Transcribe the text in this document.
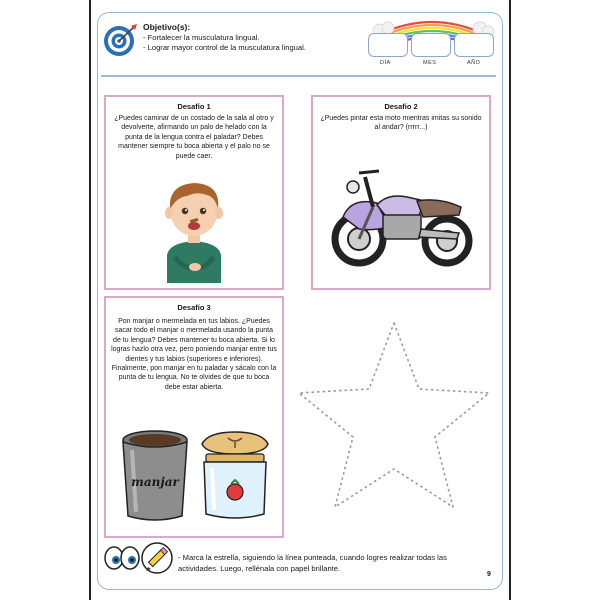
Objetivo(s):
- Fortalecer la musculatura lingual.
- Lograr mayor control de la musculatura lingual.
DÍA	MES	AÑO
Desafío 1
¿Puedes caminar de un costado de la sala al otro y devolverte, afirmando un palo de helado con la punta de la lengua contra el paladar? Debes mantener siempre tu boca abierta y el palo no se puede caer.
Desafío 2
¿Puedes pintar esta moto mientras imitas su sonido al andar? (rrrrr...)
Desafío 3
Pon manjar o mermelada en tus labios. ¿Puedes sacar todo el manjar o mermelada usando la punta de tu lengua? Debes mantener tu boca abierta. Si lo logras hazlo otra vez, pero poniendo manjar entre tus dientes y tus labios (superiores e inferiores). Finalmente, pon manjar en tu paladar y sácalo con la punta de tu lengua. No te olvides de que tu boca debe estar abierta.
manjar

- Marca la estrella, siguiendo la línea punteada, cuando logres realizar todas las actividades. Luego, rellénala con papel brillante.

9
